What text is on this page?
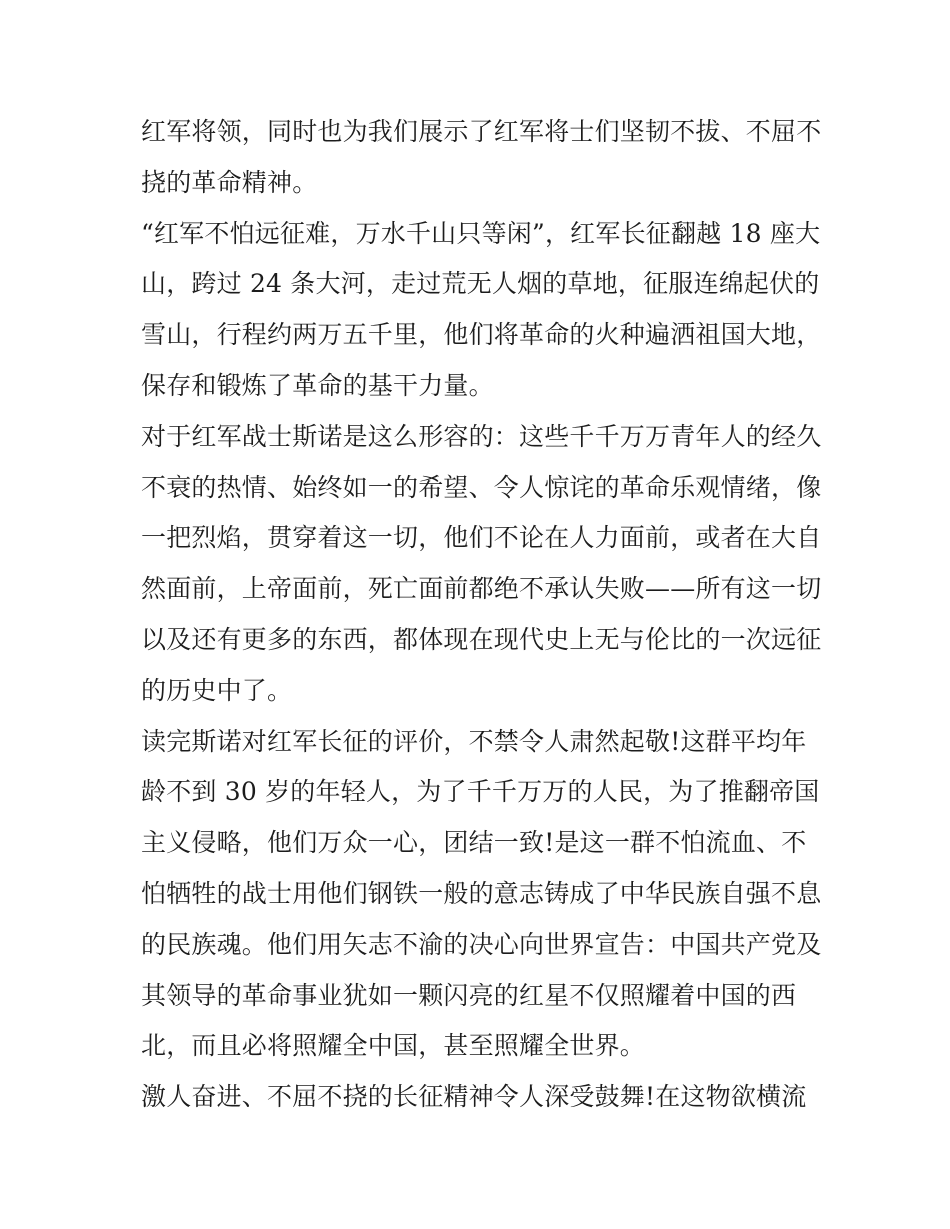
红军将领，同时也为我们展示了红军将士们坚韧不拔、不屈不
挠的革命精神。
“红军不怕远征难，万水千山只等闲”，红军长征翻越 18 座大
山，跨过 24 条大河，走过荒无人烟的草地，征服连绵起伏的
雪山，行程约两万五千里，他们将革命的火种遍洒祖国大地，
保存和锻炼了革命的基干力量。
对于红军战士斯诺是这么形容的：这些千千万万青年人的经久
不衰的热情、始终如一的希望、令人惊诧的革命乐观情绪，像
一把烈焰，贯穿着这一切，他们不论在人力面前，或者在大自
然面前，上帝面前，死亡面前都绝不承认失败——所有这一切
以及还有更多的东西，都体现在现代史上无与伦比的一次远征
的历史中了。
读完斯诺对红军长征的评价，不禁令人肃然起敬!这群平均年
龄不到 30 岁的年轻人，为了千千万万的人民，为了推翻帝国
主义侵略，他们万众一心，团结一致!是这一群不怕流血、不
怕牺牲的战士用他们钢铁一般的意志铸成了中华民族自强不息
的民族魂。他们用矢志不渝的决心向世界宣告：中国共产党及
其领导的革命事业犹如一颗闪亮的红星不仅照耀着中国的西
北，而且必将照耀全中国，甚至照耀全世界。
激人奋进、不屈不挠的长征精神令人深受鼓舞!在这物欲横流
